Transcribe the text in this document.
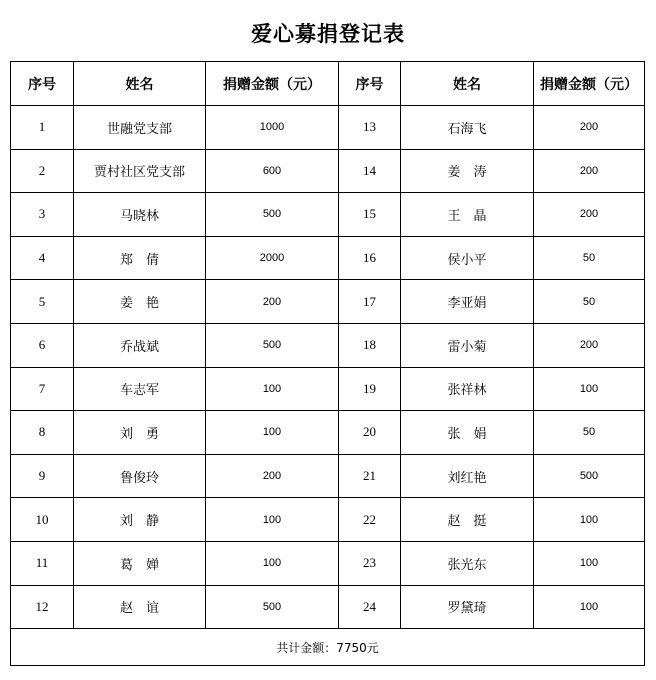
爱心募捐登记表
序号	姓名	捐赠金额（元）	序号	姓名	捐赠金额（元）
1	世融党支部	1000	13	石海飞	200
2	贾村社区党支部	600	14	姜　涛	200
3	马晓林	500	15	王　晶	200
4	郑　倩	2000	16	侯小平	50
5	姜　艳	200	17	李亚娟	50
6	乔战斌	500	18	雷小菊	200
7	车志军	100	19	张祥林	100
8	刘　勇	100	20	张　娟	50
9	鲁俊玲	200	21	刘红艳	500
10	刘　静	100	22	赵　挺	100
11	葛　婵	100	23	张光东	100
12	赵　谊	500	24	罗黛琦	100
共计金额：7750元					
